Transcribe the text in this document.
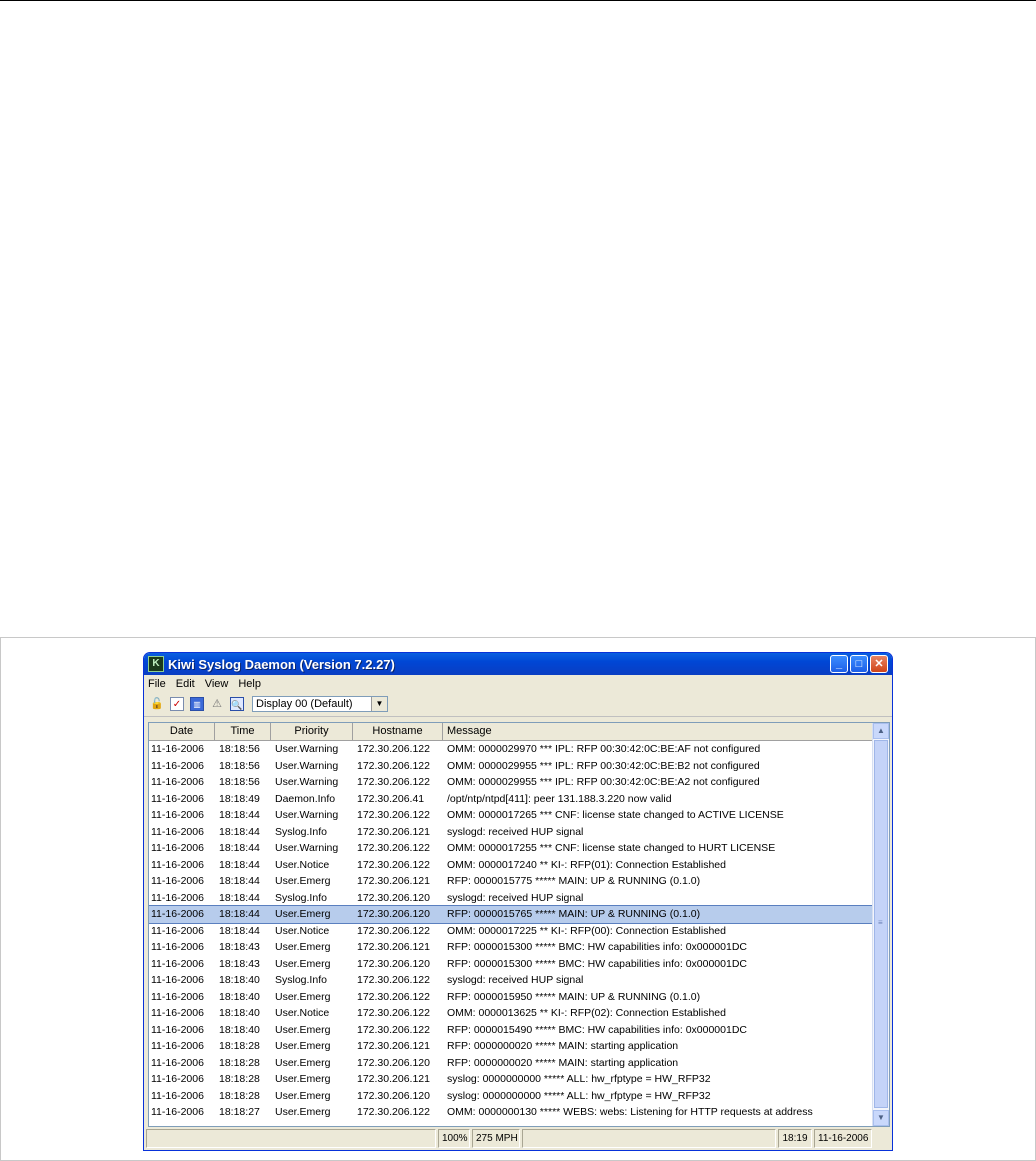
K Kiwi Syslog Daemon (Version 7.2.27)	_	□	✕
File Edit View Help
🔓 ✓	▥ ⚠ 🔍 Display 00 (Default)	▼
Date	Time	Priority	Hostname	Message
11-16-2006	18:18:56	User.Warning	172.30.206.122	OMM: 0000029970 *** IPL: RFP 00:30:42:0C:BE:AF not configured
11-16-2006	18:18:56	User.Warning	172.30.206.122	OMM: 0000029955 *** IPL: RFP 00:30:42:0C:BE:B2 not configured
11-16-2006	18:18:56	User.Warning	172.30.206.122	OMM: 0000029955 *** IPL: RFP 00:30:42:0C:BE:A2 not configured
11-16-2006	18:18:49	Daemon.Info	172.30.206.41	/opt/ntp/ntpd[411]: peer 131.188.3.220 now valid
11-16-2006	18:18:44	User.Warning	172.30.206.122	OMM: 0000017265 *** CNF: license state changed to ACTIVE LICENSE
11-16-2006	18:18:44	Syslog.Info	172.30.206.121	syslogd: received HUP signal
11-16-2006	18:18:44	User.Warning	172.30.206.122	OMM: 0000017255 *** CNF: license state changed to HURT LICENSE
11-16-2006	18:18:44	User.Notice	172.30.206.122	OMM: 0000017240 ** KI-: RFP(01): Connection Established
11-16-2006	18:18:44	User.Emerg	172.30.206.121	RFP: 0000015775 ***** MAIN: UP & RUNNING (0.1.0)
11-16-2006	18:18:44	Syslog.Info	172.30.206.120	syslogd: received HUP signal
11-16-2006	18:18:44	User.Emerg	172.30.206.120	RFP: 0000015765 ***** MAIN: UP & RUNNING (0.1.0)
11-16-2006	18:18:44	User.Notice	172.30.206.122	OMM: 0000017225 ** KI-: RFP(00): Connection Established
11-16-2006	18:18:43	User.Emerg	172.30.206.121	RFP: 0000015300 ***** BMC: HW capabilities info: 0x000001DC
11-16-2006	18:18:43	User.Emerg	172.30.206.120	RFP: 0000015300 ***** BMC: HW capabilities info: 0x000001DC
11-16-2006	18:18:40	Syslog.Info	172.30.206.122	syslogd: received HUP signal
11-16-2006	18:18:40	User.Emerg	172.30.206.122	RFP: 0000015950 ***** MAIN: UP & RUNNING (0.1.0)
11-16-2006	18:18:40	User.Notice	172.30.206.122	OMM: 0000013625 ** KI-: RFP(02): Connection Established
11-16-2006	18:18:40	User.Emerg	172.30.206.122	RFP: 0000015490 ***** BMC: HW capabilities info: 0x000001DC
11-16-2006	18:18:28	User.Emerg	172.30.206.121	RFP: 0000000020 ***** MAIN: starting application
11-16-2006	18:18:28	User.Emerg	172.30.206.120	RFP: 0000000020 ***** MAIN: starting application
11-16-2006	18:18:28	User.Emerg	172.30.206.121	syslog: 0000000000 ***** ALL: hw_rfptype = HW_RFP32
11-16-2006	18:18:28	User.Emerg	172.30.206.120	syslog: 0000000000 ***** ALL: hw_rfptype = HW_RFP32
11-16-2006	18:18:27	User.Emerg	172.30.206.122	OMM: 0000000130 ***** WEBS: webs: Listening for HTTP requests at address
▲
≡
▼
100% 275 MPH	18:19	11-16-2006
